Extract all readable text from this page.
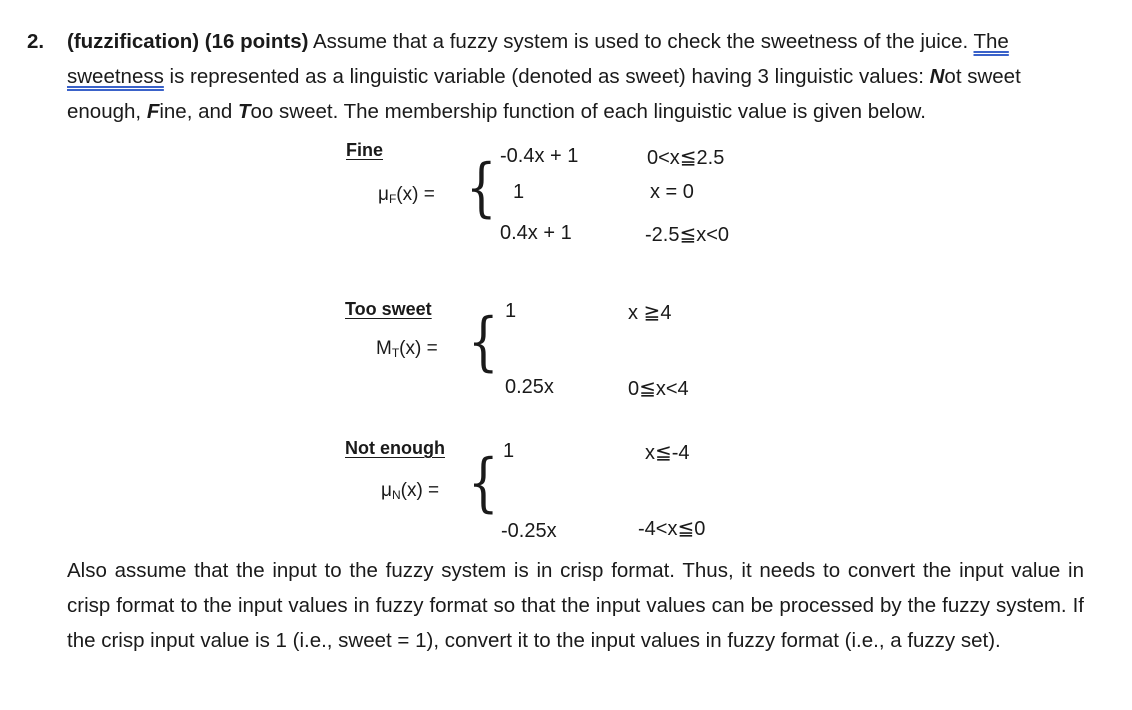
2. (fuzzification) (16 points) Assume that a fuzzy system is used to check the sweetness of the juice. The
sweetness is represented as a linguistic variable (denoted as sweet) having 3 linguistic values: Not sweet
enough, Fine, and Too sweet. The membership function of each linguistic value is given below.
Fine
$\mu_F(x)$ = { -0.4x + 1	0<x≦2.5
1	x = 0
0.4x + 1	-2.5≦x<0
Too sweet
$M_T(x)$ = { 1	x ≧4
0.25x	0≦x<4
Not enough
$\mu_N(x)$ = { 1	x≦-4
-0.25x	-4<x≦0
Also assume that the input to the fuzzy system is in crisp format. Thus, it needs to convert the input value in crisp format to the input values in fuzzy format so that the input values can be processed by the fuzzy system. If the crisp input value is 1 (i.e., sweet = 1), convert it to the input values in fuzzy format (i.e., a fuzzy set).
